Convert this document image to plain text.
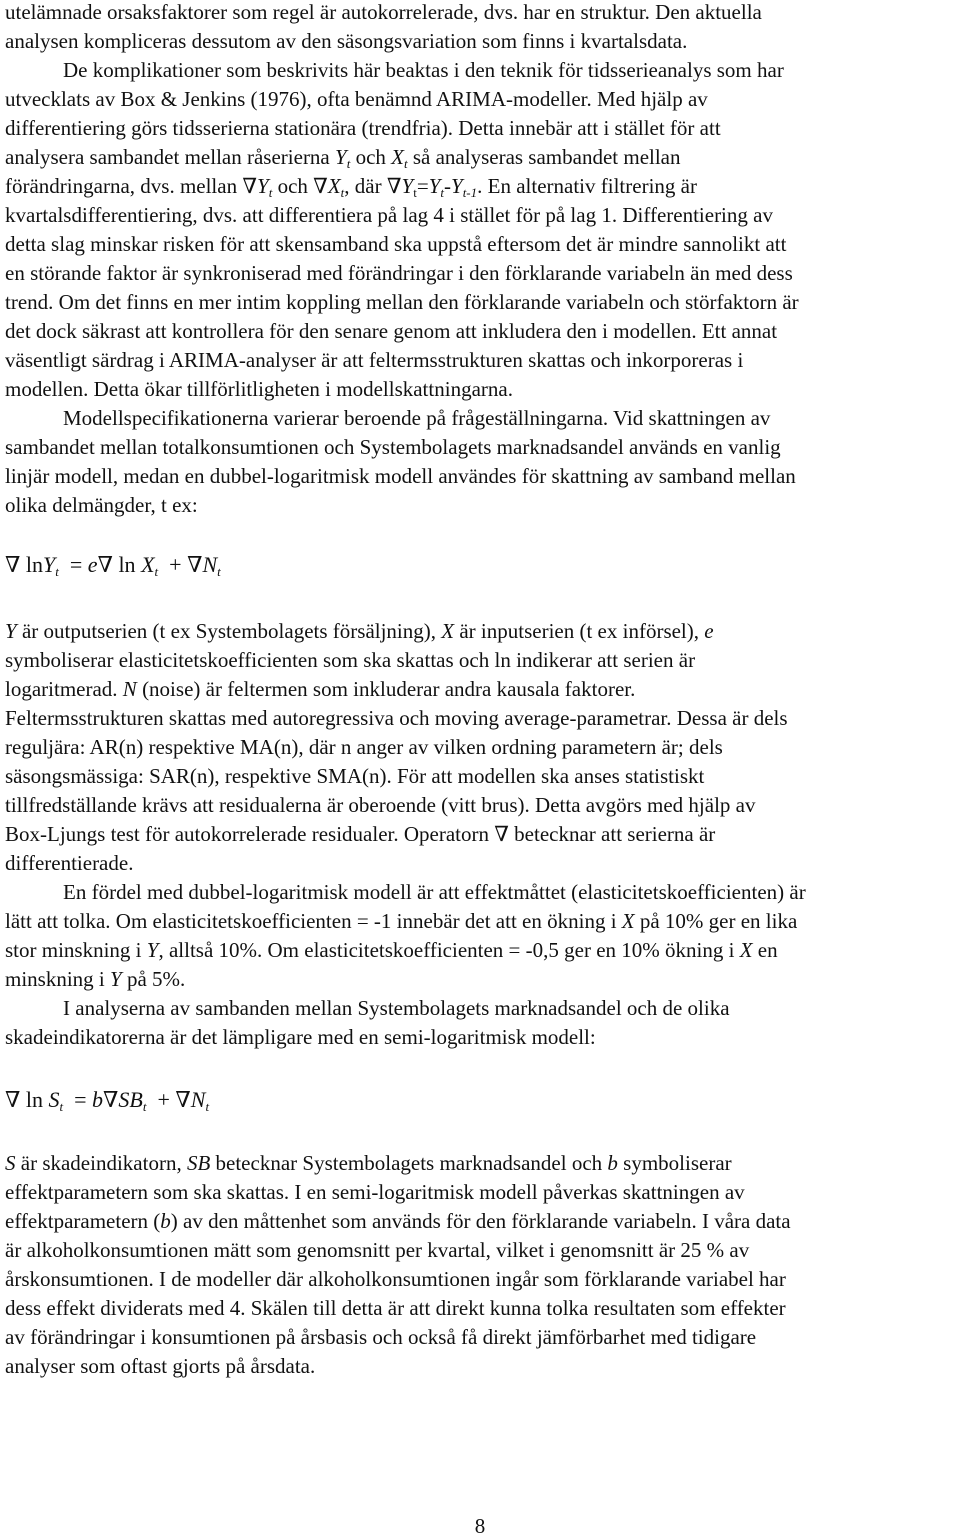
utelämnade orsaksfaktorer som regel är autokorrelerade, dvs. har en struktur. Den aktuella
analysen kompliceras dessutom av den säsongsvariation som finns i kvartalsdata.
De komplikationer som beskrivits här beaktas i den teknik för tidsserieanalys som har
utvecklats av Box & Jenkins (1976), ofta benämnd ARIMA-modeller. Med hjälp av
differentiering görs tidsserierna stationära (trendfria). Detta innebär att i stället för att
analysera sambandet mellan råserierna $Y_t$ och $X_t$ så analyseras sambandet mellan
förändringarna, dvs. mellan $\nabla Y_t$ och $\nabla X_t$, där $\nabla Y_t=Y_t-Y_{t-1}$. En alternativ filtrering är
kvartalsdifferentiering, dvs. att differentiera på lag 4 i stället för på lag 1. Differentiering av
detta slag minskar risken för att skensamband ska uppstå eftersom det är mindre sannolikt att
en störande faktor är synkroniserad med förändringar i den förklarande variabeln än med dess
trend. Om det finns en mer intim koppling mellan den förklarande variabeln och störfaktorn är
det dock säkrast att kontrollera för den senare genom att inkludera den i modellen. Ett annat
väsentligt särdrag i ARIMA-analyser är att feltermsstrukturen skattas och inkorporeras i
modellen. Detta ökar tillförlitligheten i modellskattningarna.
Modellspecifikationerna varierar beroende på frågeställningarna. Vid skattningen av
sambandet mellan totalkonsumtionen och Systembolagets marknadsandel används en vanlig
linjär modell, medan en dubbel-logaritmisk modell användes för skattning av samband mellan
olika delmängder, t ex:
∇ lnY$_t$ = e∇ $\ln X_t + \nabla N_t$
Y är outputserien (t ex Systembolagets försäljning), X är inputserien (t ex införsel), e
symboliserar elasticitetskoefficienten som ska skattas och ln indikerar att serien är
logaritmerad. N (noise) är feltermen som inkluderar andra kausala faktorer.
Feltermsstrukturen skattas med autoregressiva och moving average-parametrar. Dessa är dels
reguljära: AR(n) respektive MA(n), där n anger av vilken ordning parametern är; dels
säsongsmässiga: SAR(n), respektive SMA(n). För att modellen ska anses statistiskt
tillfredställande krävs att residualerna är oberoende (vitt brus). Detta avgörs med hjälp av
Box-Ljungs test för autokorrelerade residualer. Operatorn ∇ betecknar att serierna är
differentierade.
En fördel med dubbel-logaritmisk modell är att effektmåttet (elasticitetskoefficienten) är
lätt att tolka. Om elasticitetskoefficienten = -1 innebär det att en ökning i X på 10% ger en lika
stor minskning i Y, alltså 10%. Om elasticitetskoefficienten = -0,5 ger en 10% ökning i X en
minskning i Y på 5%.
I analyserna av sambanden mellan Systembolagets marknadsandel och de olika
skadeindikatorerna är det lämpligare med en semi-logaritmisk modell:
∇ $\ln S_t = b\nabla SB_t + \nabla N_t$
S är skadeindikatorn, SB betecknar Systembolagets marknadsandel och b symboliserar
effektparametern som ska skattas. I en semi-logaritmisk modell påverkas skattningen av
effektparametern (b) av den måttenhet som används för den förklarande variabeln. I våra data
är alkoholkonsumtionen mätt som genomsnitt per kvartal, vilket i genomsnitt är 25 % av
årskonsumtionen. I de modeller där alkoholkonsumtionen ingår som förklarande variabel har
dess effekt dividerats med 4. Skälen till detta är att direkt kunna tolka resultaten som effekter
av förändringar i konsumtionen på årsbasis och också få direkt jämförbarhet med tidigare
analyser som oftast gjorts på årsdata.
8
